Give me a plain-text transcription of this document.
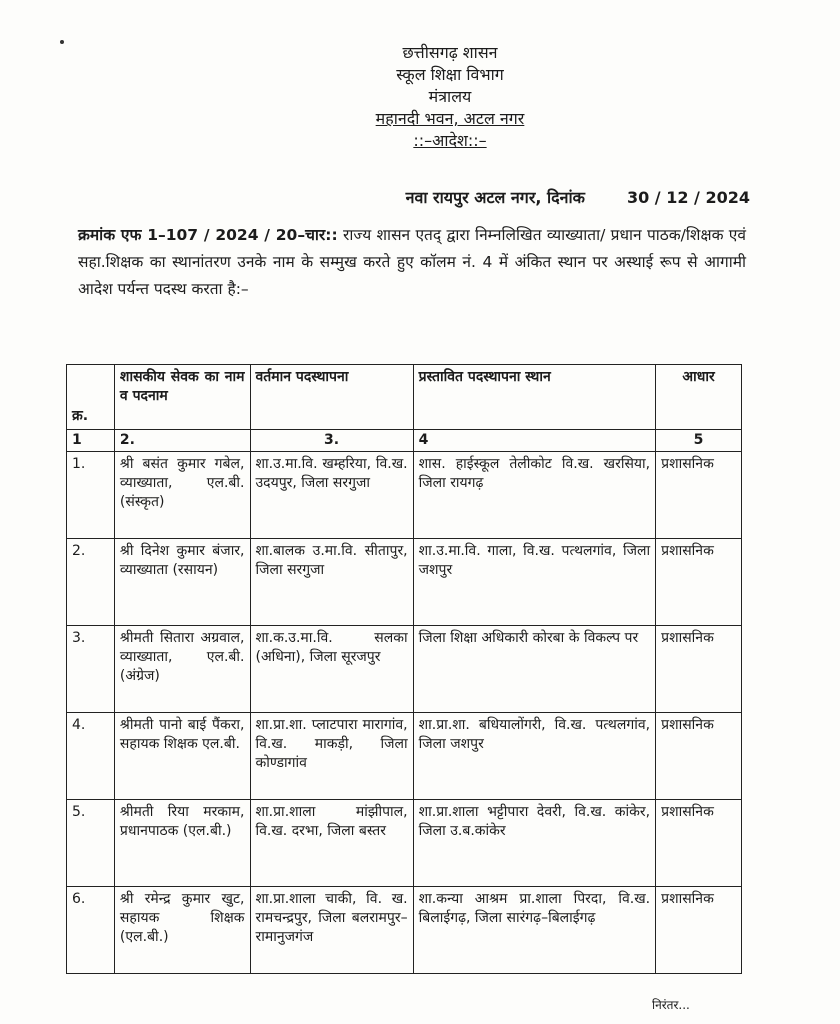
छत्तीसगढ़ शासन
स्कूल शिक्षा विभाग
मंत्रालय
महानदी भवन, अटल नगर
::–आदेश::–
नवा रायपुर अटल नगर, दिनांक	30 / 12 / 2024
क्रमांक एफ 1–107 / 2024 / 20–चार:: राज्य शासन एतद् द्वारा निम्नलिखित व्याख्याता/ प्रधान पाठक/शिक्षक एवं सहा.शिक्षक का स्थानांतरण उनके नाम के सम्मुख करते हुए कॉलम नं. 4 में अंकित स्थान पर अस्थाई रूप से आगामी आदेश पर्यन्त पदस्थ करता है:–
क्र.	शासकीय सेवक का नाम व पदनाम	वर्तमान पदस्थापना	प्रस्तावित पदस्थापना स्थान	आधार
1	2.	3.	4	5
1.	श्री बसंत कुमार गबेल, व्याख्याता, एल.बी. (संस्कृत)	शा.उ.मा.वि. खम्हरिया, वि.ख. उदयपुर, जिला सरगुजा	शास. हाईस्कूल तेलीकोट वि.ख. खरसिया, जिला रायगढ़	प्रशासनिक
2.	श्री दिनेश कुमार बंजार, व्याख्याता (रसायन)	शा.बालक उ.मा.वि. सीतापुर, जिला सरगुजा	शा.उ.मा.वि. गाला, वि.ख. पत्थलगांव, जिला जशपुर	प्रशासनिक
3.	श्रीमती सितारा अग्रवाल, व्याख्याता, एल.बी. (अंग्रेज)	शा.क.उ.मा.वि. सलका (अधिना), जिला सूरजपुर	जिला शिक्षा अधिकारी कोरबा के विकल्प पर	प्रशासनिक
4.	श्रीमती पानो बाई पैंकरा, सहायक शिक्षक एल.बी.	शा.प्रा.शा. प्लाटपारा मारागांव, वि.ख. माकड़ी, जिला कोण्डागांव	शा.प्रा.शा. बधियालोंगरी, वि.ख. पत्थलगांव, जिला जशपुर	प्रशासनिक
5.	श्रीमती रिया मरकाम, प्रधानपाठक (एल.बी.)	शा.प्रा.शाला मांझीपाल, वि.ख. दरभा, जिला बस्तर	शा.प्रा.शाला भट्टीपारा देवरी, वि.ख. कांकेर, जिला उ.ब.कांकेर	प्रशासनिक
6.	श्री रमेन्द्र कुमार खुट, सहायक शिक्षक (एल.बी.)	शा.प्रा.शाला चाकी, वि. ख. रामचन्द्रपुर, जिला बलरामपुर–रामानुजगंज	शा.कन्या आश्रम प्रा.शाला पिरदा, वि.ख. बिलाईगढ़, जिला सारंगढ़–बिलाईगढ़	प्रशासनिक
निरंतर...
